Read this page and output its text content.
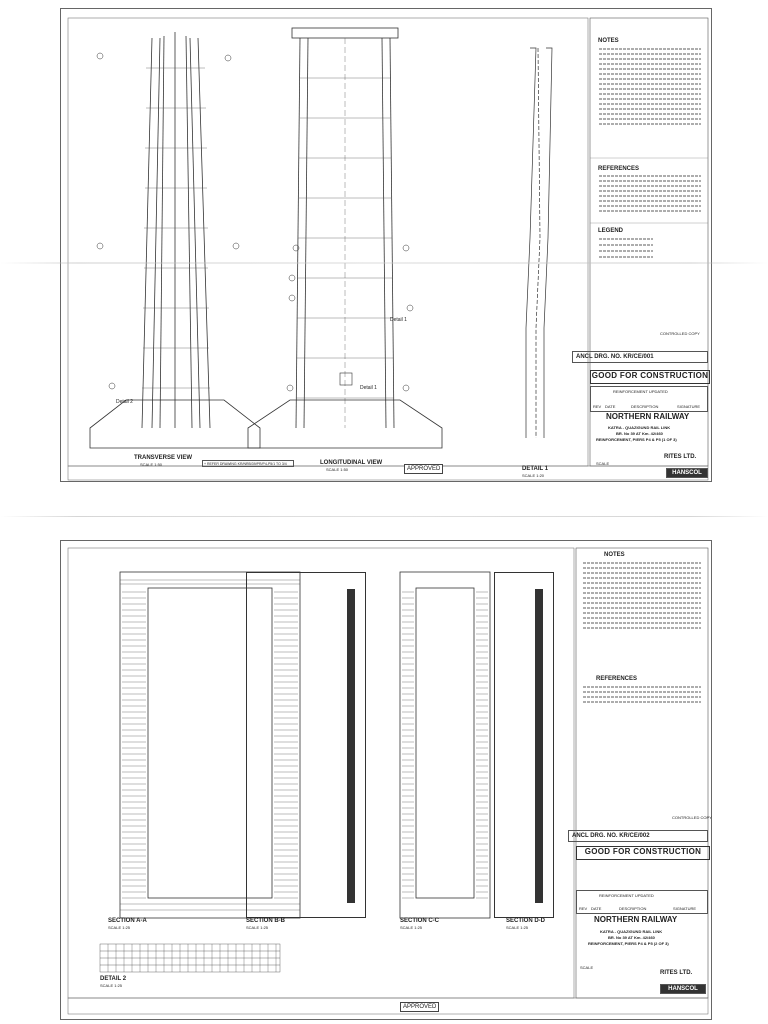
NOTES
REFERENCES
LEGEND
CONTROLLED COPY
ANCL DRG. NO. KR/CE/001
GOOD FOR CONSTRUCTION
REINFORCEMENT UPDATED
REV DATE	DESCRIPTION	SIGNATURE
NORTHERN RAILWAY
KATRA - QUAZIGUND RAIL LINK
BR. No 39 AT Km. 42/460
REINFORCEMENT, PIERS P4 & P5 (1 OF 3)
RITES LTD.
SCALE
HANSCOL
TRANSVERSE VIEW
SCALE 1:50	LONGITUDINAL VIEW
SCALE 1:50	DETAIL 1
SCALE 1:20
Detail 1
Detail 1
Detail 2
+ REFER DRAWING KR/NRB/39/PR/P4-P5/1 TO 3/4
APPROVED
NOTES
REFERENCES
CONTROLLED COPY
ANCL DRG. NO. KR/CE/002
GOOD FOR CONSTRUCTION
REINFORCEMENT UPDATED
REV DATE	DESCRIPTION	SIGNATURE
NORTHERN RAILWAY
KATRA - QUAZIGUND RAIL LINK
BR. No 39 AT Km. 42/460
REINFORCEMENT, PIERS P4 & P5 (2 OF 3)
RITES LTD.
SCALE
HANSCOL
SECTION A-A
SCALE 1:25
SECTION B-B
SCALE 1:25
SECTION C-C
SCALE 1:25
SECTION D-D
SCALE 1:25
DETAIL 2
SCALE 1:25
APPROVED
